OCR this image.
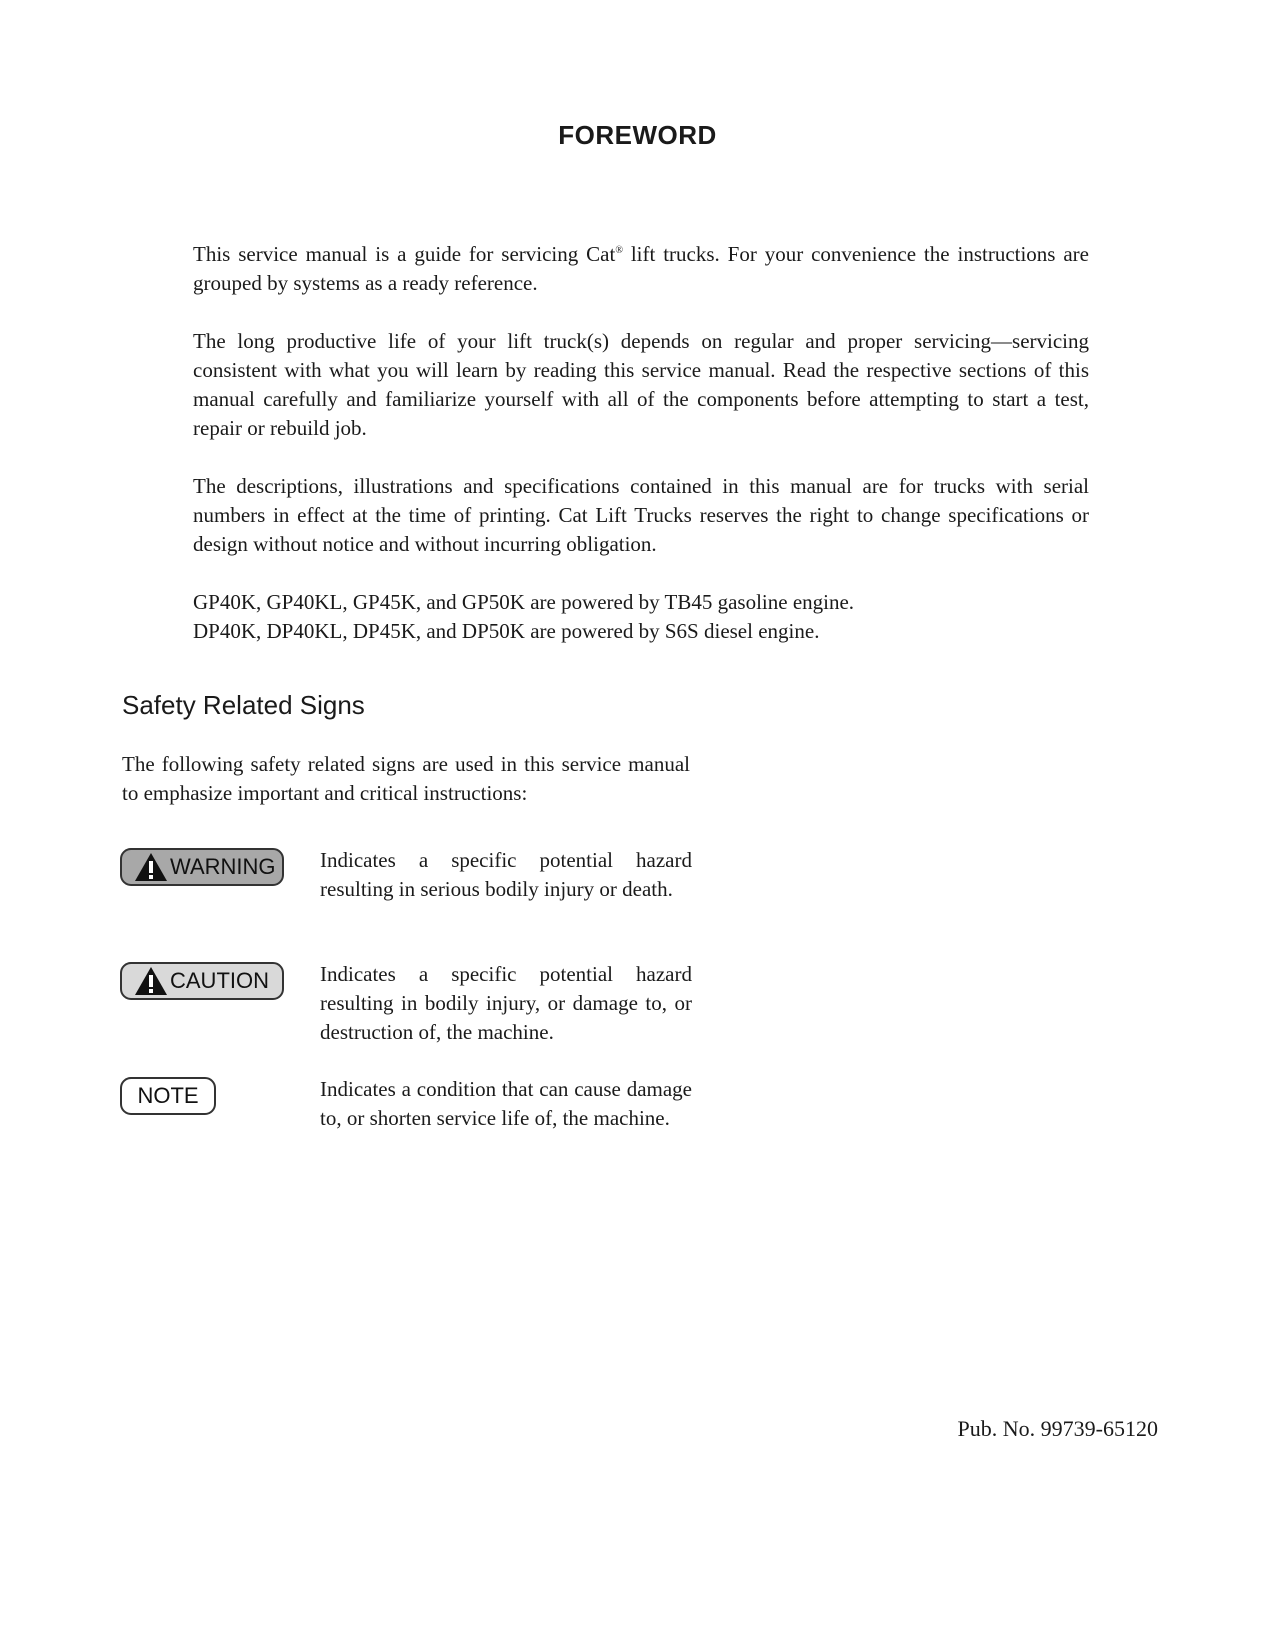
FOREWORD

This service manual is a guide for servicing Cat® lift trucks. For your convenience the instructions are grouped by systems as a ready reference.

The long productive life of your lift truck(s) depends on regular and proper servicing—servicing consistent with what you will learn by reading this service manual. Read the respective sections of this manual carefully and familiarize yourself with all of the components before attempting to start a test, repair or rebuild job.

The descriptions, illustrations and specifications contained in this manual are for trucks with serial numbers in effect at the time of printing. Cat Lift Trucks reserves the right to change specifications or design without notice and without incurring obligation.

GP40K, GP40KL, GP45K, and GP50K are powered by TB45 gasoline engine.
DP40K, DP40KL, DP45K, and DP50K are powered by S6S diesel engine.

Safety Related Signs

The following safety related signs are used in this service manual to emphasize important and critical instructions:

WARNING Indicates a specific potential hazard resulting in serious bodily injury or death.

CAUTION Indicates a specific potential hazard resulting in bodily injury, or damage to, or destruction of, the machine.

NOTE	Indicates a condition that can cause damage to, or shorten service life of, the machine.

Pub. No. 99739-65120
